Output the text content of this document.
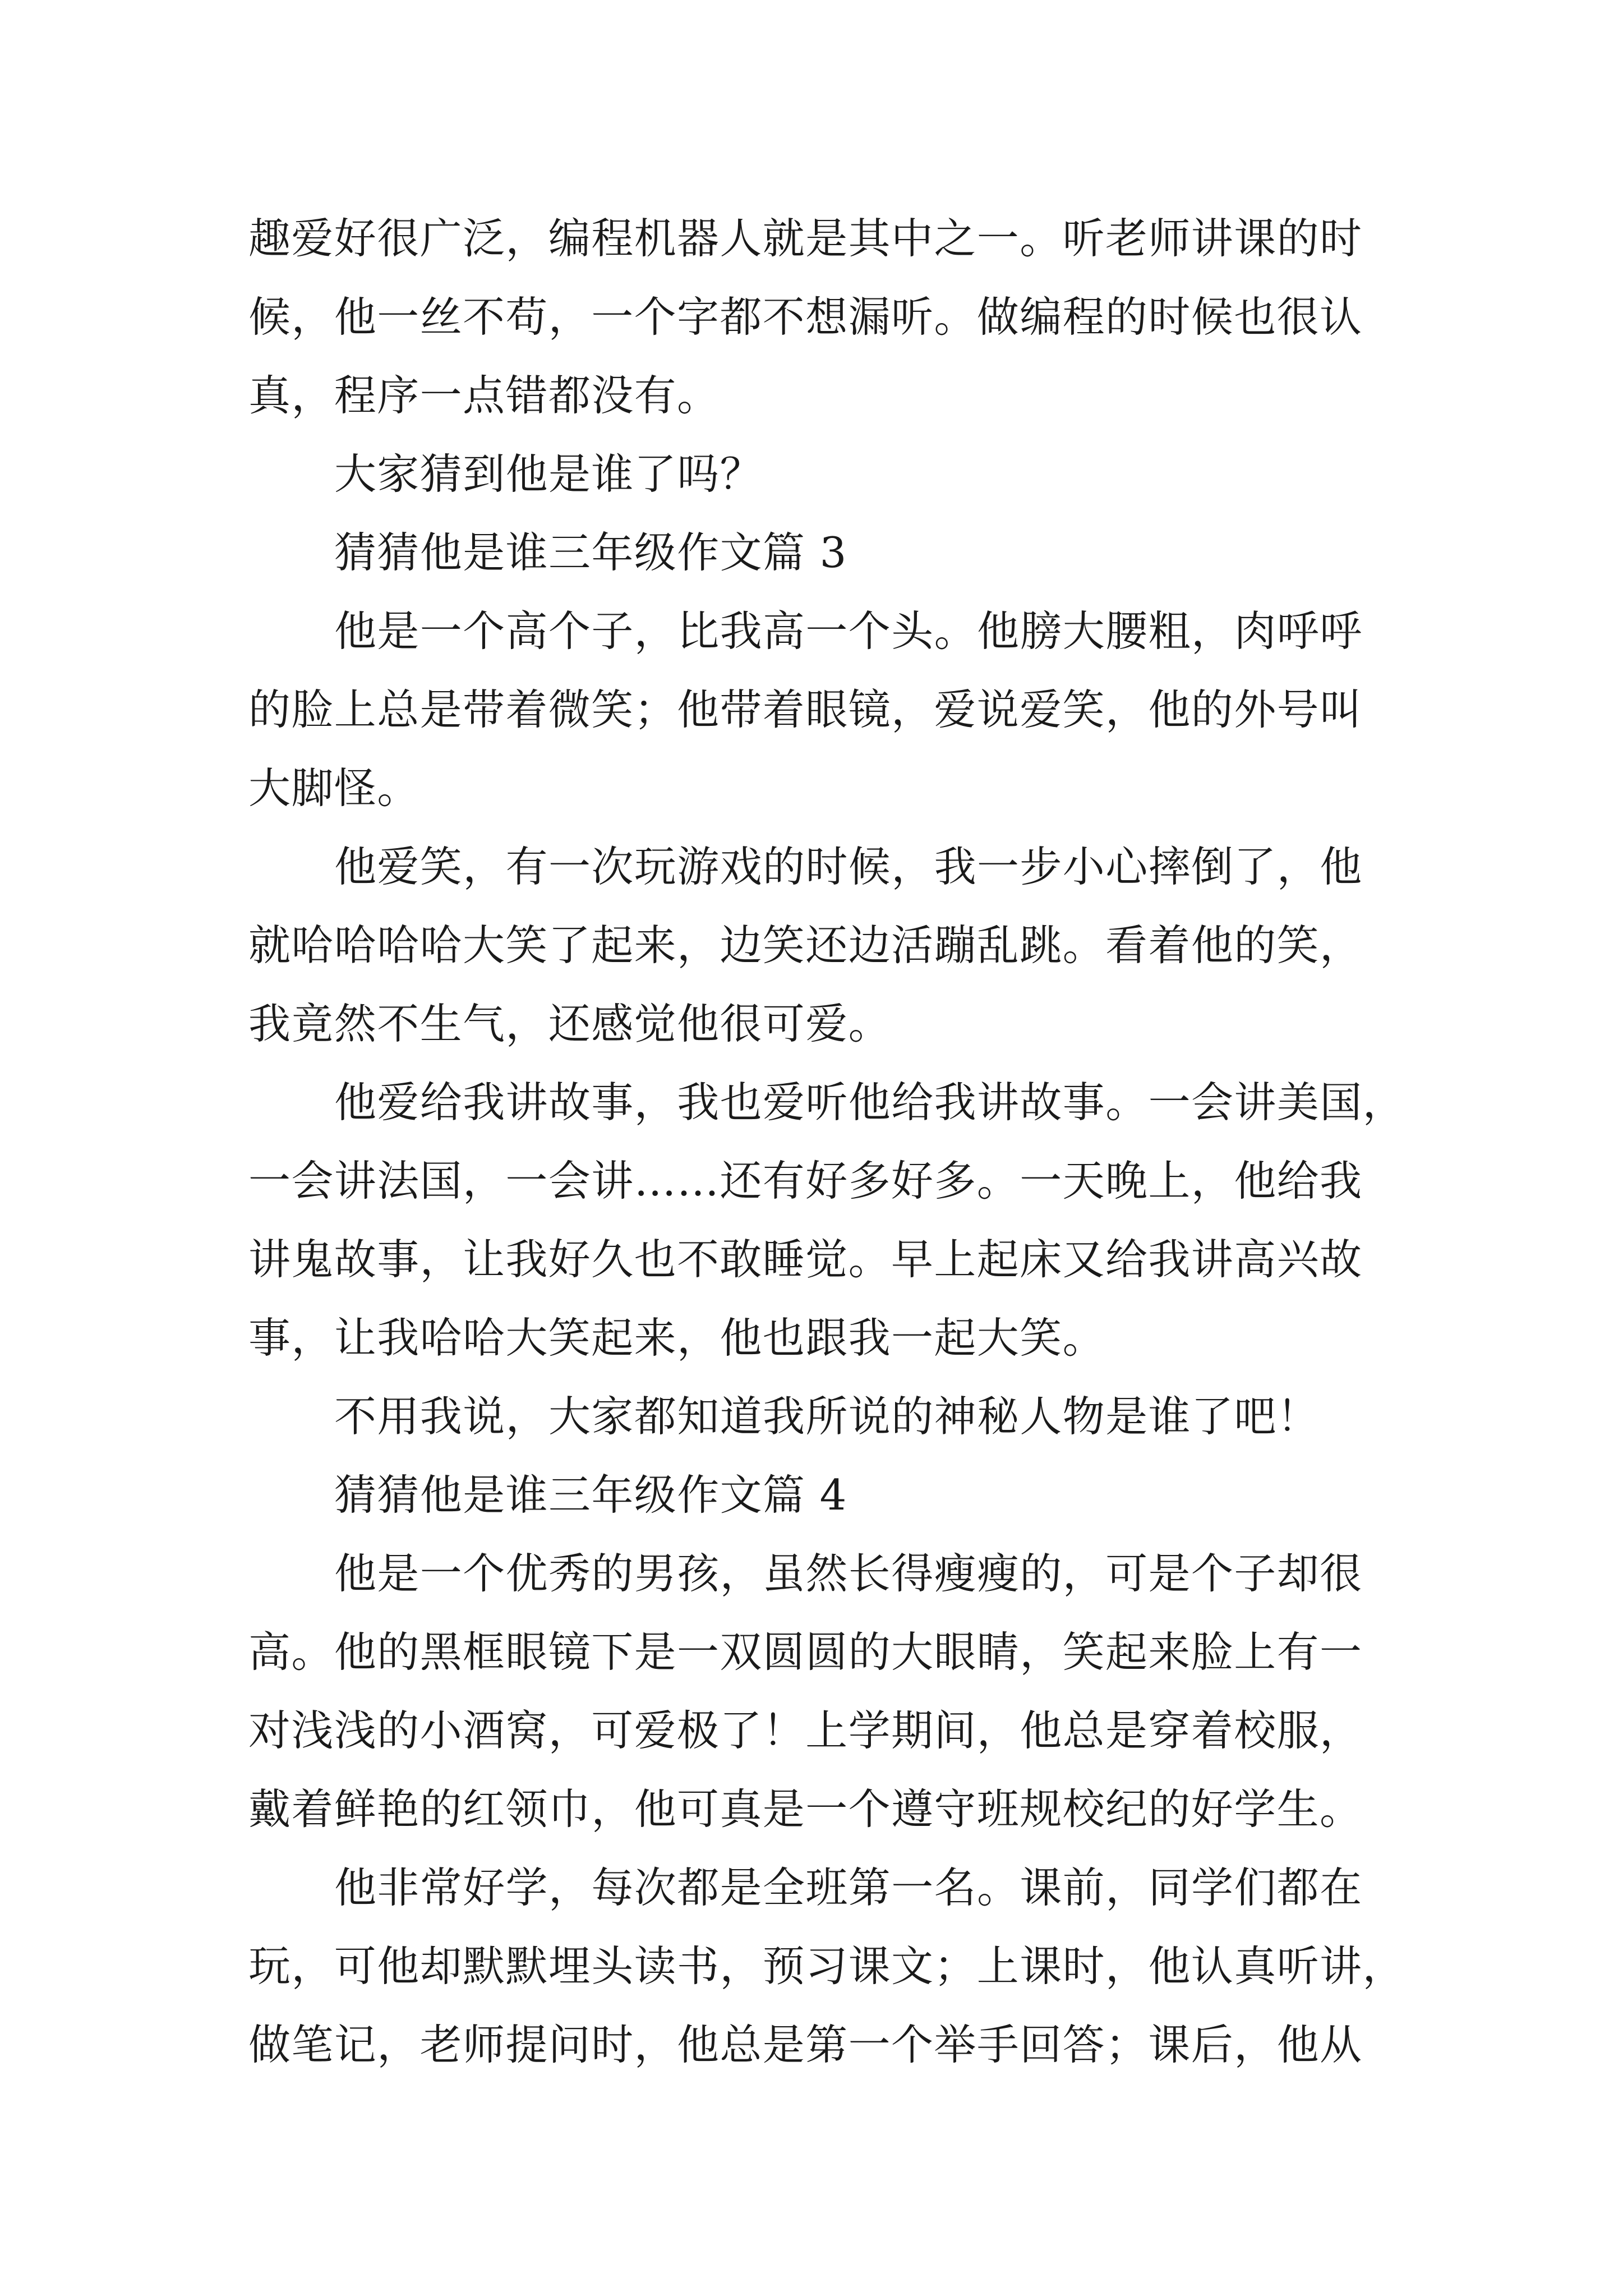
趣爱好很广泛，编程机器人就是其中之一。听老师讲课的时
候，他一丝不苟，一个字都不想漏听。做编程的时候也很认
真，程序一点错都没有。
大家猜到他是谁了吗？
猜猜他是谁三年级作文篇 3
他是一个高个子，比我高一个头。他膀大腰粗，肉呼呼
的脸上总是带着微笑；他带着眼镜，爱说爱笑，他的外号叫
大脚怪。
他爱笑，有一次玩游戏的时候，我一步小心摔倒了，他
就哈哈哈哈大笑了起来，边笑还边活蹦乱跳。看着他的笑，
我竟然不生气，还感觉他很可爱。
他爱给我讲故事，我也爱听他给我讲故事。一会讲美国，
一会讲法国，一会讲……还有好多好多。一天晚上，他给我
讲鬼故事，让我好久也不敢睡觉。早上起床又给我讲高兴故
事，让我哈哈大笑起来，他也跟我一起大笑。
不用我说，大家都知道我所说的神秘人物是谁了吧！
猜猜他是谁三年级作文篇 4
他是一个优秀的男孩，虽然长得瘦瘦的，可是个子却很
高。他的黑框眼镜下是一双圆圆的大眼睛，笑起来脸上有一
对浅浅的小酒窝，可爱极了！上学期间，他总是穿着校服，
戴着鲜艳的红领巾，他可真是一个遵守班规校纪的好学生。
他非常好学，每次都是全班第一名。课前，同学们都在
玩，可他却默默埋头读书，预习课文；上课时，他认真听讲，
做笔记，老师提问时，他总是第一个举手回答；课后，他从
